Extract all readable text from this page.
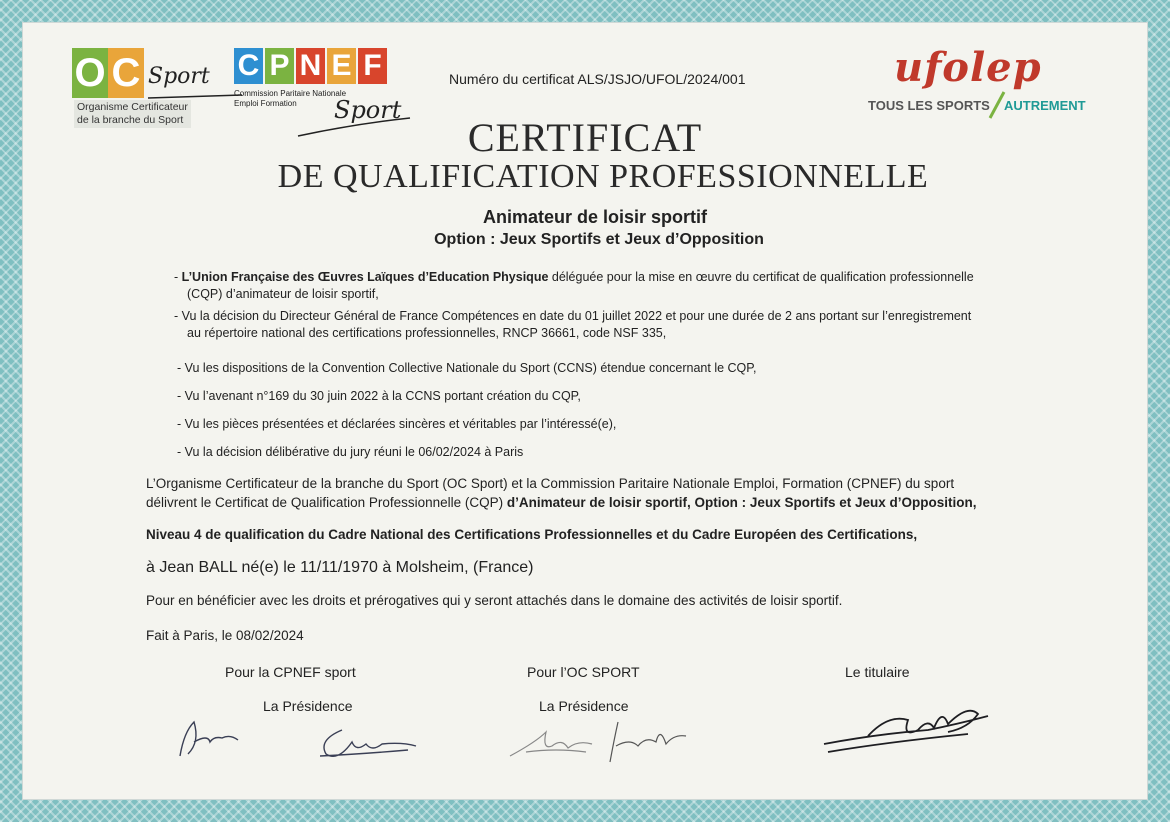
O C Sport
Organisme Certificateur
de la branche du Sport
C P N E F
Commission Paritaire Nationale
Emploi Formation	Sport
Numéro du certificat ALS/JSJO/UFOL/2024/001	ufolep
TOUS LES SPORTS AUTREMENT
CERTIFICAT
DE QUALIFICATION PROFESSIONNELLE
Animateur de loisir sportif
Option : Jeux Sportifs et Jeux d’Opposition
- L’Union Française des Œuvres Laïques d’Education Physique déléguée pour la mise en œuvre du certificat de qualification professionnelle
(CQP) d’animateur de loisir sportif,
- Vu la décision du Directeur Général de France Compétences en date du 01 juillet 2022 et pour une durée de 2 ans portant sur l’enregistrement
au répertoire national des certifications professionnelles, RNCP 36661, code NSF 335,
- Vu les dispositions de la Convention Collective Nationale du Sport (CCNS) étendue concernant le CQP,
- Vu l’avenant n°169 du 30 juin 2022 à la CCNS portant création du CQP,
- Vu les pièces présentées et déclarées sincères et véritables par l’intéressé(e),
- Vu la décision délibérative du jury réuni le 06/02/2024 à Paris
L’Organisme Certificateur de la branche du Sport (OC Sport) et la Commission Paritaire Nationale Emploi, Formation (CPNEF) du sport
délivrent le Certificat de Qualification Professionnelle (CQP) d’Animateur de loisir sportif, Option : Jeux Sportifs et Jeux d’Opposition,
Niveau 4 de qualification du Cadre National des Certifications Professionnelles et du Cadre Européen des Certifications,
à Jean BALL né(e) le 11/11/1970 à Molsheim, (France)
Pour en bénéficier avec les droits et prérogatives qui y seront attachés dans le domaine des activités de loisir sportif.
Fait à Paris, le 08/02/2024
Pour la CPNEF sport
La Présidence
Pour l’OC SPORT
La Présidence
Le titulaire
